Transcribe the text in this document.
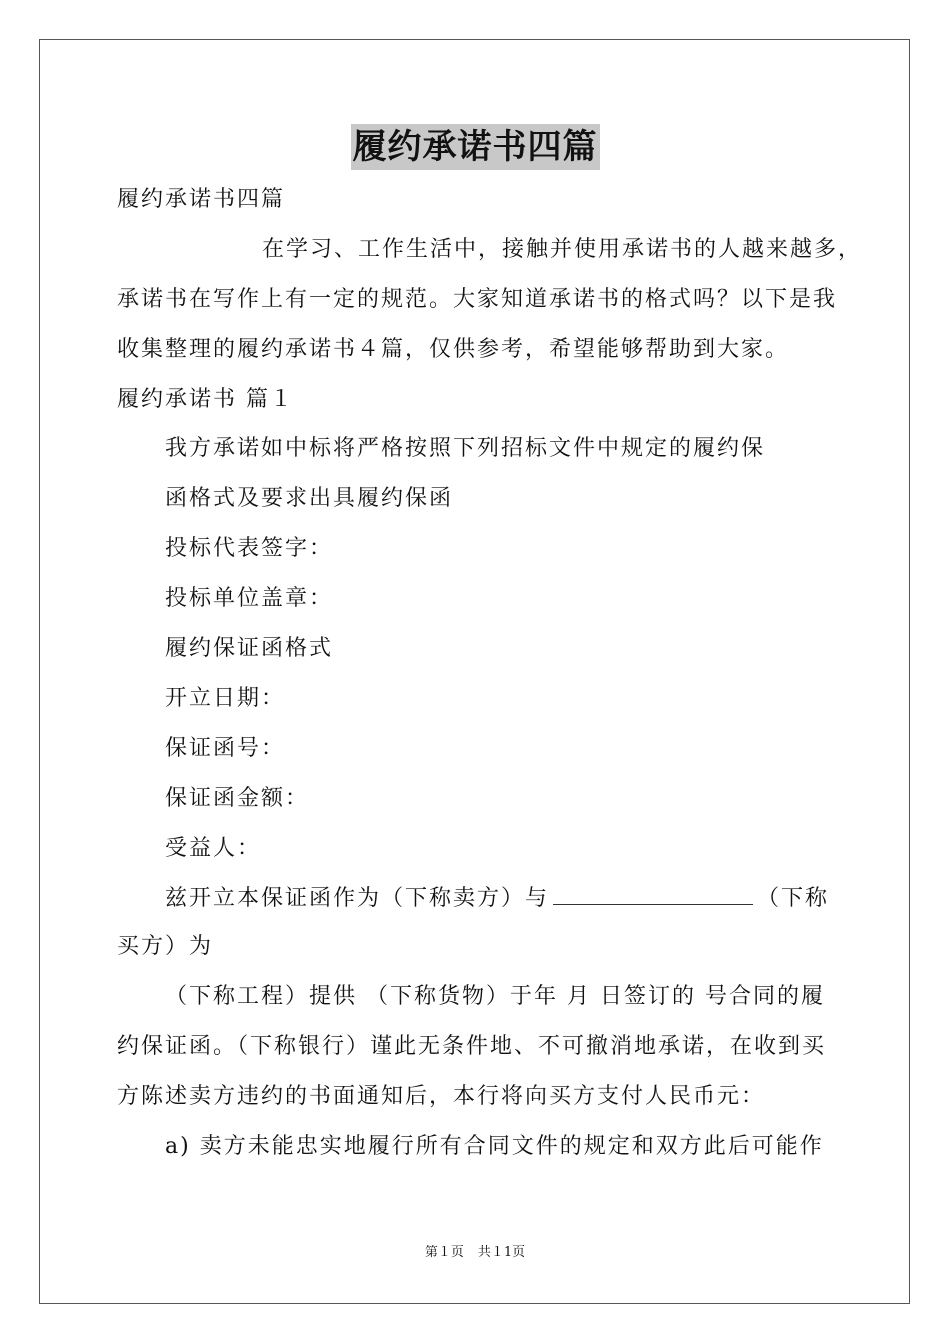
履约承诺书四篇
履约承诺书四篇
在学习、工作生活中，接触并使用承诺书的人越来越多，
承诺书在写作上有一定的规范。大家知道承诺书的格式吗？以下是我
收集整理的履约承诺书４篇，仅供参考，希望能够帮助到大家。
履约承诺书 篇１
我方承诺如中标将严格按照下列招标文件中规定的履约保
函格式及要求出具履约保函
投标代表签字：
投标单位盖章：
履约保证函格式
开立日期：
保证函号：
保证函金额：
受益人：
兹开立本保证函作为（下称卖方）与	（下称
买方）为
（下称工程）提供 （下称货物）于年 月 日签订的 号合同的履
约保证函。（下称银行）谨此无条件地、不可撤消地承诺，在收到买
方陈述卖方违约的书面通知后，本行将向买方支付人民币元：
a) 卖方未能忠实地履行所有合同文件的规定和双方此后可能作
第１页 共１1页
